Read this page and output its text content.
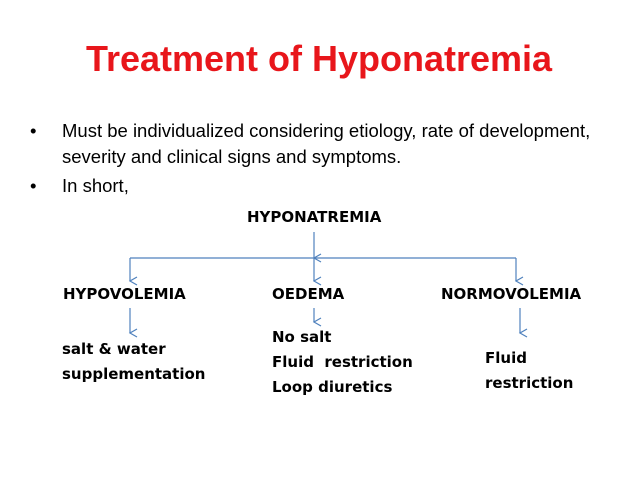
Treatment of Hyponatremia
• Must be individualized considering etiology, rate of development, severity and clinical signs and symptoms.
• In short,
HYPONATREMIA
HYPOVOLEMIA	OEDEMA	NORMOVOLEMIA
salt & water
supplementation
No salt
Fluid  restriction
Loop diuretics
Fluid
restriction
